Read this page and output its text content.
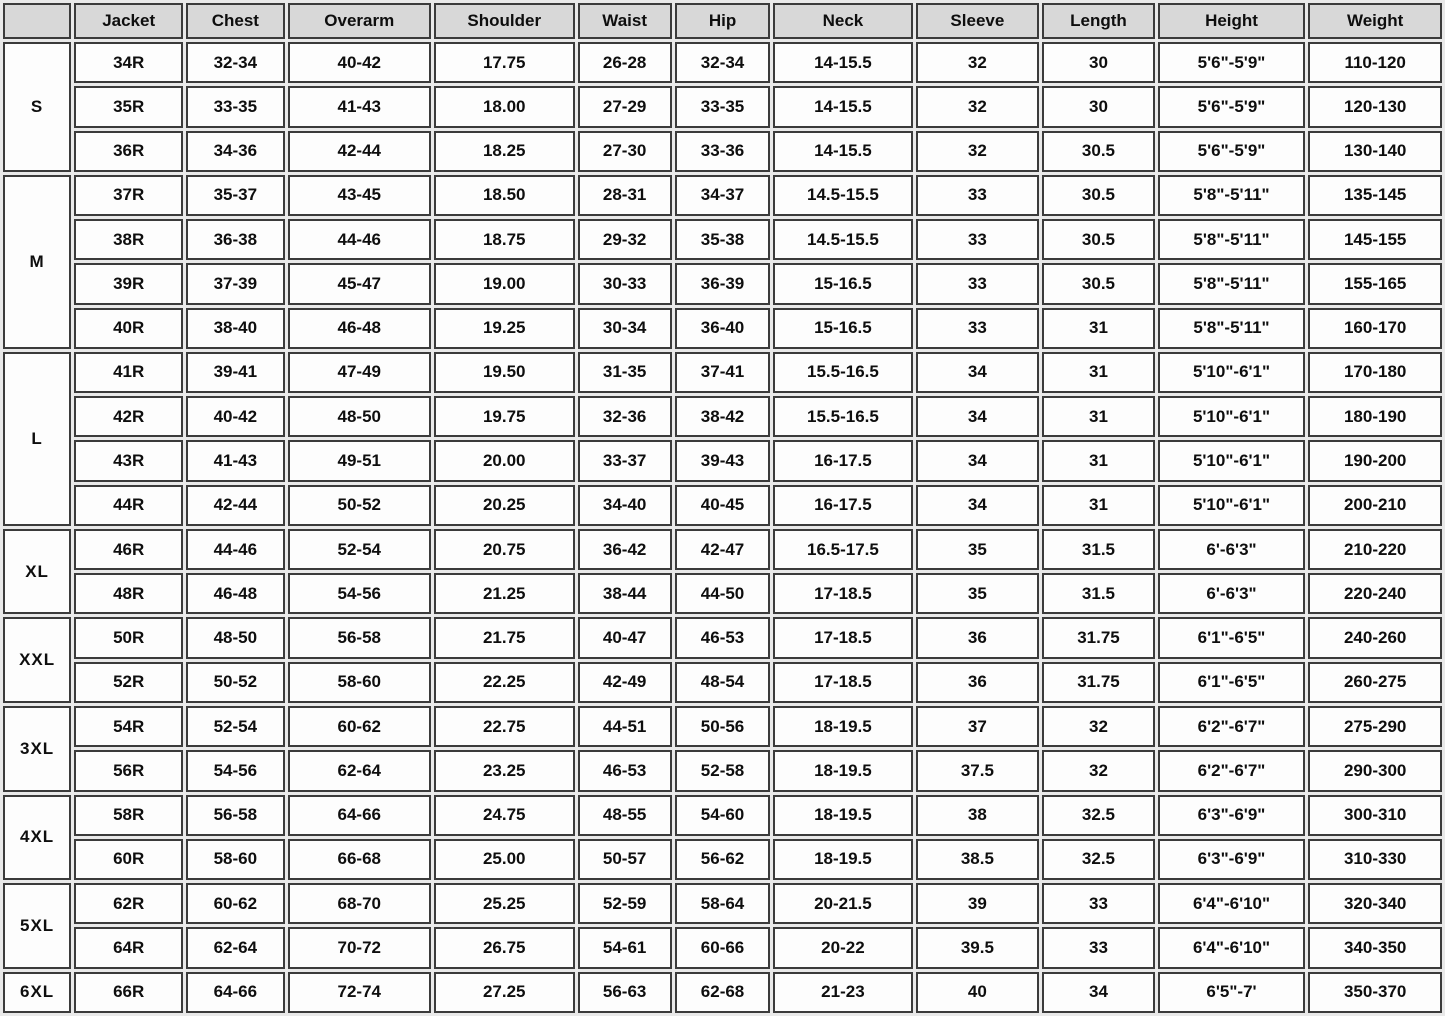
	Jacket	Chest	Overarm	Shoulder	Waist	Hip	Neck	Sleeve	Length	Height	Weight
S	34R	32-34	40-42	17.75	26-28	32-34	14-15.5	32	30	5'6"-5'9"	110-120
	35R	33-35	41-43	18.00	27-29	33-35	14-15.5	32	30	5'6"-5'9"	120-130
	36R	34-36	42-44	18.25	27-30	33-36	14-15.5	32	30.5	5'6"-5'9"	130-140
M	37R	35-37	43-45	18.50	28-31	34-37	14.5-15.5	33	30.5	5'8"-5'11"	135-145
	38R	36-38	44-46	18.75	29-32	35-38	14.5-15.5	33	30.5	5'8"-5'11"	145-155
	39R	37-39	45-47	19.00	30-33	36-39	15-16.5	33	30.5	5'8"-5'11"	155-165
	40R	38-40	46-48	19.25	30-34	36-40	15-16.5	33	31	5'8"-5'11"	160-170
L	41R	39-41	47-49	19.50	31-35	37-41	15.5-16.5	34	31	5'10"-6'1"	170-180
	42R	40-42	48-50	19.75	32-36	38-42	15.5-16.5	34	31	5'10"-6'1"	180-190
	43R	41-43	49-51	20.00	33-37	39-43	16-17.5	34	31	5'10"-6'1"	190-200
	44R	42-44	50-52	20.25	34-40	40-45	16-17.5	34	31	5'10"-6'1"	200-210
XL	46R	44-46	52-54	20.75	36-42	42-47	16.5-17.5	35	31.5	6'-6'3"	210-220
	48R	46-48	54-56	21.25	38-44	44-50	17-18.5	35	31.5	6'-6'3"	220-240
XXL	50R	48-50	56-58	21.75	40-47	46-53	17-18.5	36	31.75	6'1"-6'5"	240-260
	52R	50-52	58-60	22.25	42-49	48-54	17-18.5	36	31.75	6'1"-6'5"	260-275
3XL	54R	52-54	60-62	22.75	44-51	50-56	18-19.5	37	32	6'2"-6'7"	275-290
	56R	54-56	62-64	23.25	46-53	52-58	18-19.5	37.5	32	6'2"-6'7"	290-300
4XL	58R	56-58	64-66	24.75	48-55	54-60	18-19.5	38	32.5	6'3"-6'9"	300-310
	60R	58-60	66-68	25.00	50-57	56-62	18-19.5	38.5	32.5	6'3"-6'9"	310-330
5XL	62R	60-62	68-70	25.25	52-59	58-64	20-21.5	39	33	6'4"-6'10"	320-340
	64R	62-64	70-72	26.75	54-61	60-66	20-22	39.5	33	6'4"-6'10"	340-350
6XL	66R	64-66	72-74	27.25	56-63	62-68	21-23	40	34	6'5"-7'	350-370
